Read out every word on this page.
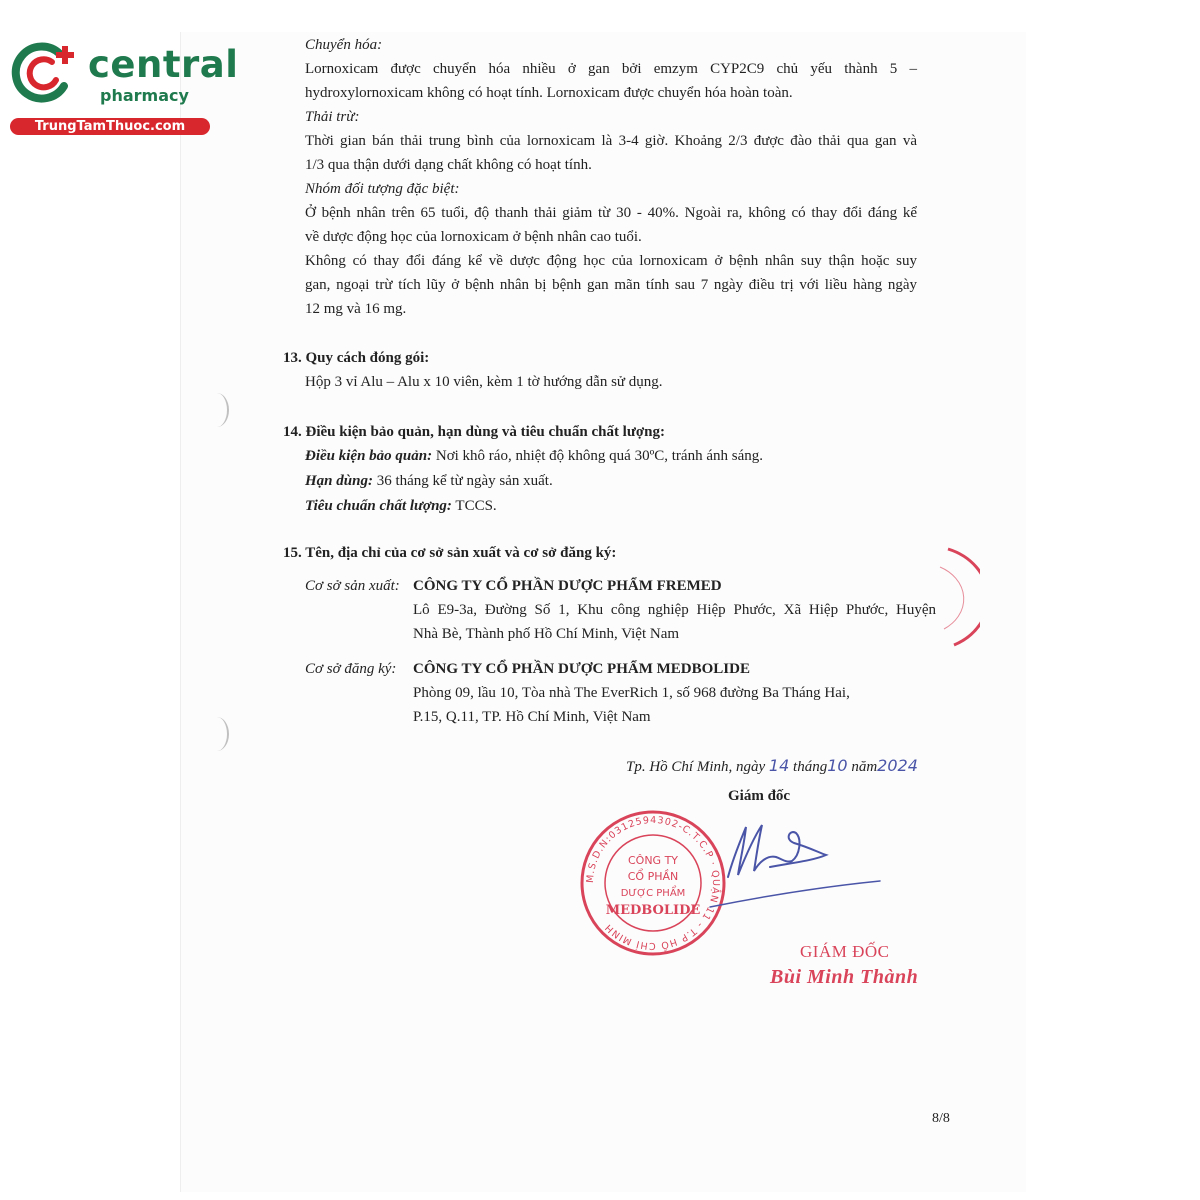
central
pharmacy
TrungTamThuoc.com
Chuyển hóa:
Lornoxicam được chuyển hóa nhiều ở gan bởi emzym CYP2C9 chủ yếu thành 5 –
hydroxylornoxicam không có hoạt tính. Lornoxicam được chuyển hóa hoàn toàn.
Thải trừ:
Thời gian bán thải trung bình của lornoxicam là 3-4 giờ. Khoảng 2/3 được đào thải qua gan và
1/3 qua thận dưới dạng chất không có hoạt tính.
Nhóm đối tượng đặc biệt:
Ở bệnh nhân trên 65 tuổi, độ thanh thải giảm từ 30 - 40%. Ngoài ra, không có thay đổi đáng kể
về dược động học của lornoxicam ở bệnh nhân cao tuổi.
Không có thay đổi đáng kể về dược động học của lornoxicam ở bệnh nhân suy thận hoặc suy
gan, ngoại trừ tích lũy ở bệnh nhân bị bệnh gan mãn tính sau 7 ngày điều trị với liều hàng ngày
12 mg và 16 mg.
13. Quy cách đóng gói:
Hộp 3 vỉ Alu – Alu x 10 viên, kèm 1 tờ hướng dẫn sử dụng.
14. Điều kiện bảo quản, hạn dùng và tiêu chuẩn chất lượng:
Điều kiện bảo quản: Nơi khô ráo, nhiệt độ không quá 30ºC, tránh ánh sáng.
Hạn dùng: 36 tháng kể từ ngày sản xuất.
Tiêu chuẩn chất lượng: TCCS.
15. Tên, địa chỉ của cơ sở sản xuất và cơ sở đăng ký:
Cơ sở sản xuất: CÔNG TY CỔ PHẦN DƯỢC PHẨM FREMED
Lô E9-3a, Đường Số 1, Khu công nghiệp Hiệp Phước, Xã Hiệp Phước, Huyện
Nhà Bè, Thành phố Hồ Chí Minh, Việt Nam
Cơ sở đăng ký: CÔNG TY CỔ PHẦN DƯỢC PHẨM MEDBOLIDE
Phòng 09, lầu 10, Tòa nhà The EverRich 1, số 968 đường Ba Tháng Hai,
P.15, Q.11, TP. Hồ Chí Minh, Việt Nam
Tp. Hồ Chí Minh, ngày 14 tháng10 năm2024
Giám đốc
M.S.D.N:0312594302-C.T.C.P · QUẬN 11 - T.P HỒ CHÍ MINH
CÔNG TY
CỔ PHẦN
DƯỢC PHẨM
MEDBOLIDE
GIÁM ĐỐC
Bùi Minh Thành
8/8
